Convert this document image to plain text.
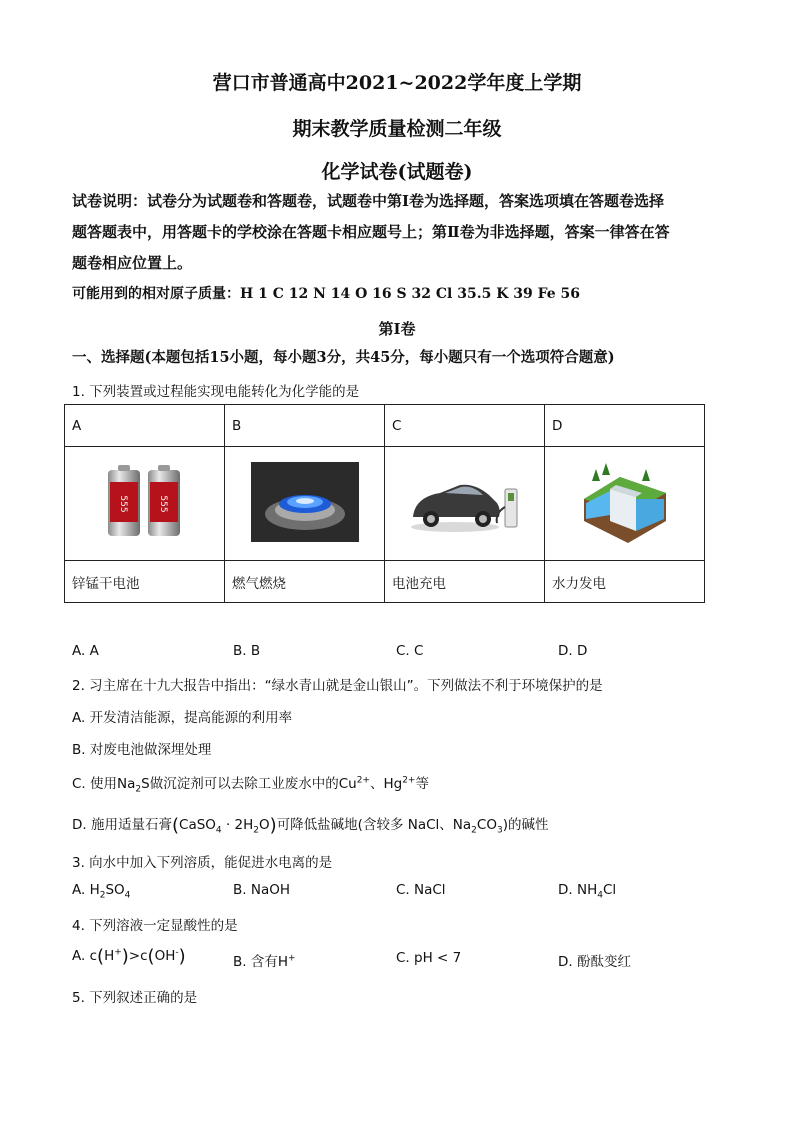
营口市普通高中2021~2022学年度上学期
期末教学质量检测二年级
化学试卷(试题卷)
试卷说明：试卷分为试题卷和答题卷，试题卷中第Ⅰ卷为选择题，答案选项填在答题卷选择
题答题表中，用答题卡的学校涂在答题卡相应题号上；第Ⅱ卷为非选择题，答案一律答在答
题卷相应位置上。
可能用到的相对原子质量：H 1 C 12 N 14 O 16 S 32 Cl 35.5 K 39 Fe 56
第Ⅰ卷
一、选择题(本题包括15小题，每小题3分，共45分，每小题只有一个选项符合题意)
1. 下列装置或过程能实现电能转化为化学能的是
A	B	C	D

555 555

锌锰干电池	燃气燃烧	电池充电	水力发电
A. A	B. B	C. C	D. D
2. 习主席在十九大报告中指出：“绿水青山就是金山银山”。下列做法不利于环境保护的是
A. 开发清洁能源，提高能源的利用率
B. 对废电池做深埋处理
C. 使用$Na_2S$做沉淀剂可以去除工业废水中的$Cu^{2+}$、$Hg^{2+}$等
D. 施用适量石膏(CaSO$_4$ · $2H_2O$)可降低盐碱地(含较多 NaCl、$Na_2CO_3$)的碱性
3. 向水中加入下列溶质，能促进水电离的是
A. $H_2SO_4$	B. NaOH	C. NaCl	D. $NH_4Cl$
4. 下列溶液一定显酸性的是
A. c(H+)>c(OH-)	B. 含有H+	C. pH < 7	D. 酚酞变红
5. 下列叙述正确的是
